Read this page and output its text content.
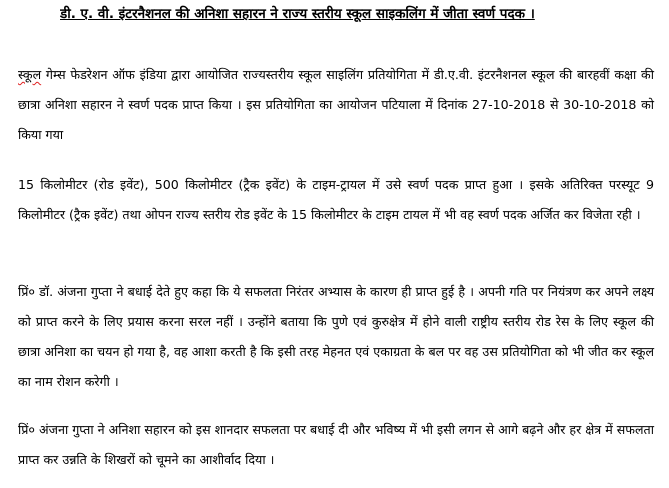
डी. ए. वी. इंटरनैशनल की अनिशा सहारन ने राज्य स्तरीय स्कूल साइकलिंग में जीता स्वर्ण पदक ।

स्कूल गेम्स फेडरेशन ऑफ इंडिया द्वारा आयोजित राज्यस्तरीय स्कूल साइलिंग प्रतियोगिता में डी.ए.वी. इंटरनैशनल स्कूल की बारहवीं कक्षा की छात्रा अनिशा सहारन ने स्वर्ण पदक प्राप्त किया । इस प्रतियोगिता का आयोजन पटियाला में दिनांक 27-10-2018 से 30-10-2018 को किया गया

15 किलोमीटर (रोड इवेंट), 500 किलोमीटर (ट्रैक इवेंट) के टाइम-ट्रायल में उसे स्वर्ण पदक प्राप्त हुआ । इसके अतिरिक्त परस्यूट 9 किलोमीटर (ट्रैक इवेंट) तथा ओपन राज्य स्तरीय रोड इवेंट के 15 किलोमीटर के टाइम टायल में भी वह स्वर्ण पदक अर्जित कर विजेता रही ।

प्रिं० डॉ. अंजना गुप्ता ने बधाई देते हुए कहा कि ये सफलता निरंतर अभ्यास के कारण ही प्राप्त हुई है । अपनी गति पर नियंत्रण कर अपने लक्ष्य को प्राप्त करने के लिए प्रयास करना सरल नहीं । उन्होंने बताया कि पुणे एवं कुरुक्षेत्र में होने वाली राष्ट्रीय स्तरीय रोड रेस के लिए स्कूल की छात्रा अनिशा का चयन हो गया है, वह आशा करती है कि इसी तरह मेहनत एवं एकाग्रता के बल पर वह उस प्रतियोगिता को भी जीत कर स्कूल का नाम रोशन करेगी ।

प्रिं० अंजना गुप्ता ने अनिशा सहारन को इस शानदार सफलता पर बधाई दी और भविष्य में भी इसी लगन से आगे बढ़ने और हर क्षेत्र में सफलता प्राप्त कर उन्नति के शिखरों को चूमने का आशीर्वाद दिया ।
